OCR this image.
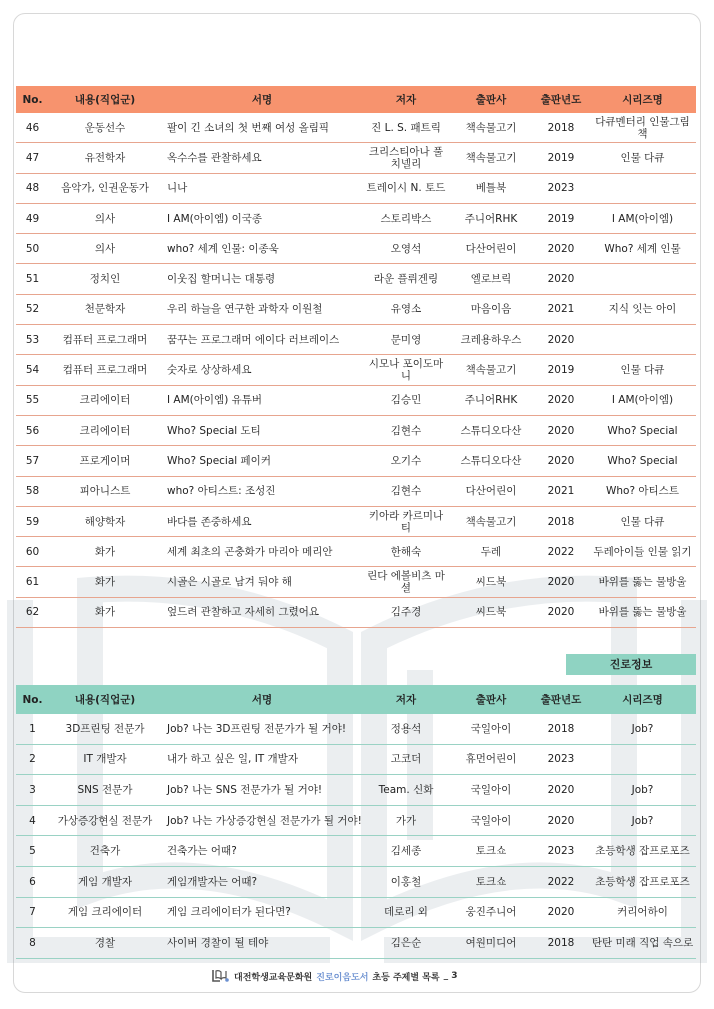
No.	내용(직업군)	서명	저자	출판사	출판년도	시리즈명
46	운동선수	팔이 긴 소녀의 첫 번째 여성 올림픽	진 L. S. 패트릭	책속물고기	2018	다큐멘터리 인물그림책
47	유전학자	옥수수를 관찰하세요	크리스티아나 풀치넬리	책속물고기	2019	인물 다큐
48	음악가, 인권운동가	니나	트레이시 N. 토드	베틀북	2023	
49	의사	I AM(아이엠) 이국종	스토리박스	주니어RHK	2019	I AM(아이엠)
50	의사	who? 세계 인물: 이종욱	오영석	다산어린이	2020	Who? 세계 인물
51	정치인	이웃집 할머니는 대통령	라운 플뤼겐링	엘로브릭	2020	
52	천문학자	우리 하늘을 연구한 과학자 이원철	유영소	마음이음	2021	지식 잇는 아이
53	컴퓨터 프로그래머	꿈꾸는 프로그래머 에이다 러브레이스	문미영	크레용하우스	2020	
54	컴퓨터 프로그래머	숫자로 상상하세요	시모나 포이도마니	책속물고기	2019	인물 다큐
55	크리에이터	I AM(아이엠) 유튜버	김승민	주니어RHK	2020	I AM(아이엠)
56	크리에이터	Who? Special 도티	김현수	스튜디오다산	2020	Who? Special
57	프로게이머	Who? Special 페이커	오기수	스튜디오다산	2020	Who? Special
58	피아니스트	who? 아티스트: 조성진	김현수	다산어린이	2021	Who? 아티스트
59	해양학자	바다를 존중하세요	키아라 카르미나티	책속물고기	2018	인물 다큐
60	화가	세계 최초의 곤충화가 마리아 메리안	한해숙	두레	2022	두레아이들 인물 읽기
61	화가	시골은 시골로 남겨 둬야 해	린다 에볼비츠 마셜	씨드북	2020	바위를 뚫는 물방울
62	화가	엎드려 관찰하고 자세히 그렸어요	김주경	씨드북	2020	바위를 뚫는 물방울
진로정보
No.	내용(직업군)	서명	저자	출판사	출판년도	시리즈명
1	3D프린팅 전문가	Job? 나는 3D프린팅 전문가가 될 거야!	정용석	국일아이	2018	Job?
2	IT 개발자	내가 하고 싶은 일, IT 개발자	고코더	휴먼어린이	2023	
3	SNS 전문가	Job? 나는 SNS 전문가가 될 거야!	Team. 신화	국일아이	2020	Job?
4	가상증강현실 전문가	Job? 나는 가상증강현실 전문가가 될 거야!	가가	국일아이	2020	Job?
5	건축가	건축가는 어때?	김세종	토크쇼	2023	초등학생 잡프로포즈
6	게임 개발자	게임개발자는 어때?	이홍철	토크쇼	2022	초등학생 잡프로포즈
7	게임 크리에이터	게임 크리에이터가 된다면?	데로리 외	웅진주니어	2020	커리어하이
8	경찰	사이버 경찰이 될 테야	김은순	여원미디어	2018	탄탄 미래 직업 속으로
대전학생교육문화원 진로이음도서 초등 주제별 목록 _ 3
